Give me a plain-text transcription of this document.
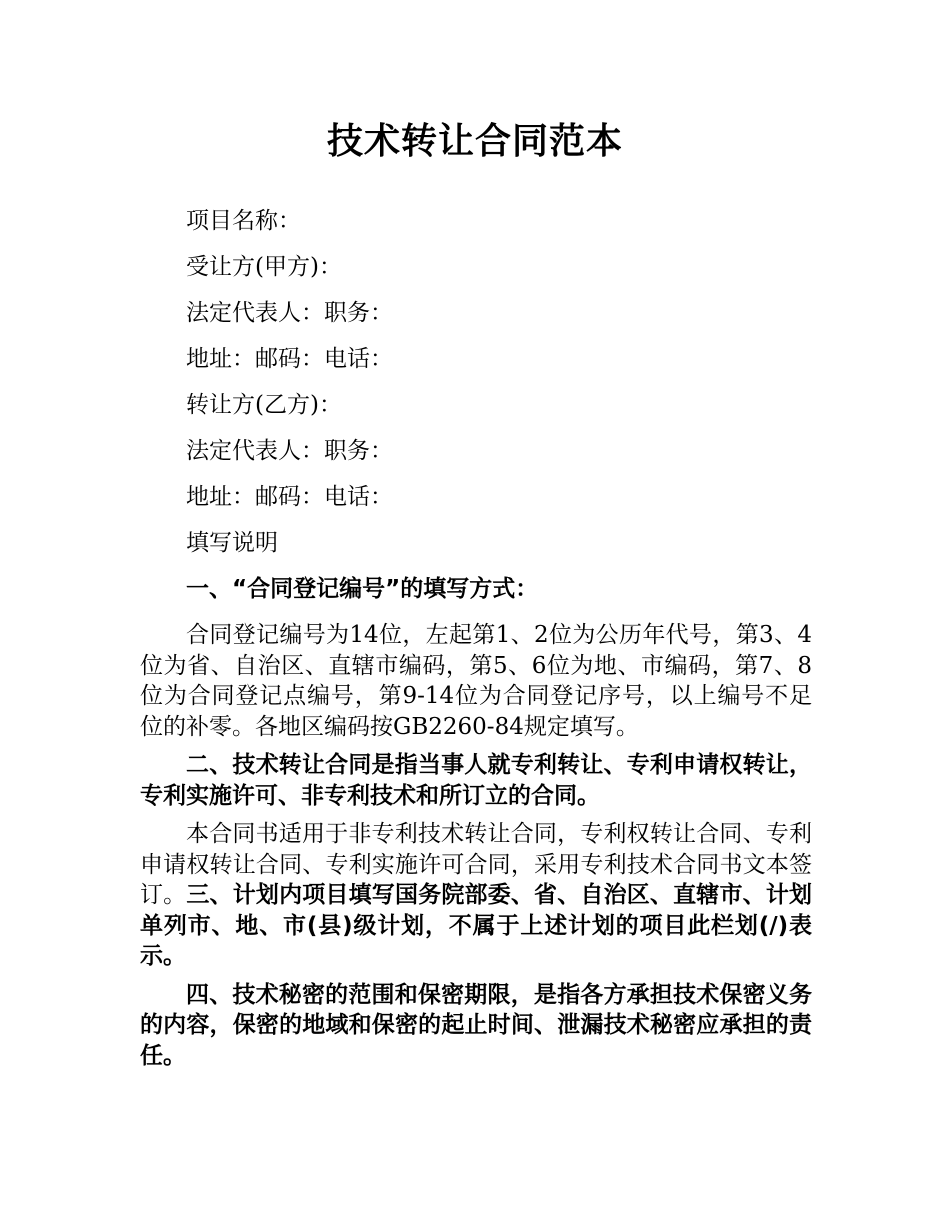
技术转让合同范本
项目名称：
受让方(甲方)：
法定代表人：职务：
地址：邮码：电话：
转让方(乙方)：
法定代表人：职务：
地址：邮码：电话：
填写说明
一、“合同登记编号”的填写方式：

合同登记编号为14位，左起第1、2位为公历年代号，第3、4位为省、自治区、直辖市编码，第5、6位为地、市编码，第7、8位为合同登记点编号，第9-14位为合同登记序号，以上编号不足位的补零。各地区编码按GB2260-84规定填写。

二、技术转让合同是指当事人就专利转让、专利申请权转让，专利实施许可、非专利技术和所订立的合同。

本合同书适用于非专利技术转让合同，专利权转让合同、专利申请权转让合同、专利实施许可合同，采用专利技术合同书文本签订。三、计划内项目填写国务院部委、省、自治区、直辖市、计划单列市、地、市(县)级计划，不属于上述计划的项目此栏划(/)表示。

四、技术秘密的范围和保密期限，是指各方承担技术保密义务的内容，保密的地域和保密的起止时间、泄漏技术秘密应承担的责任。
